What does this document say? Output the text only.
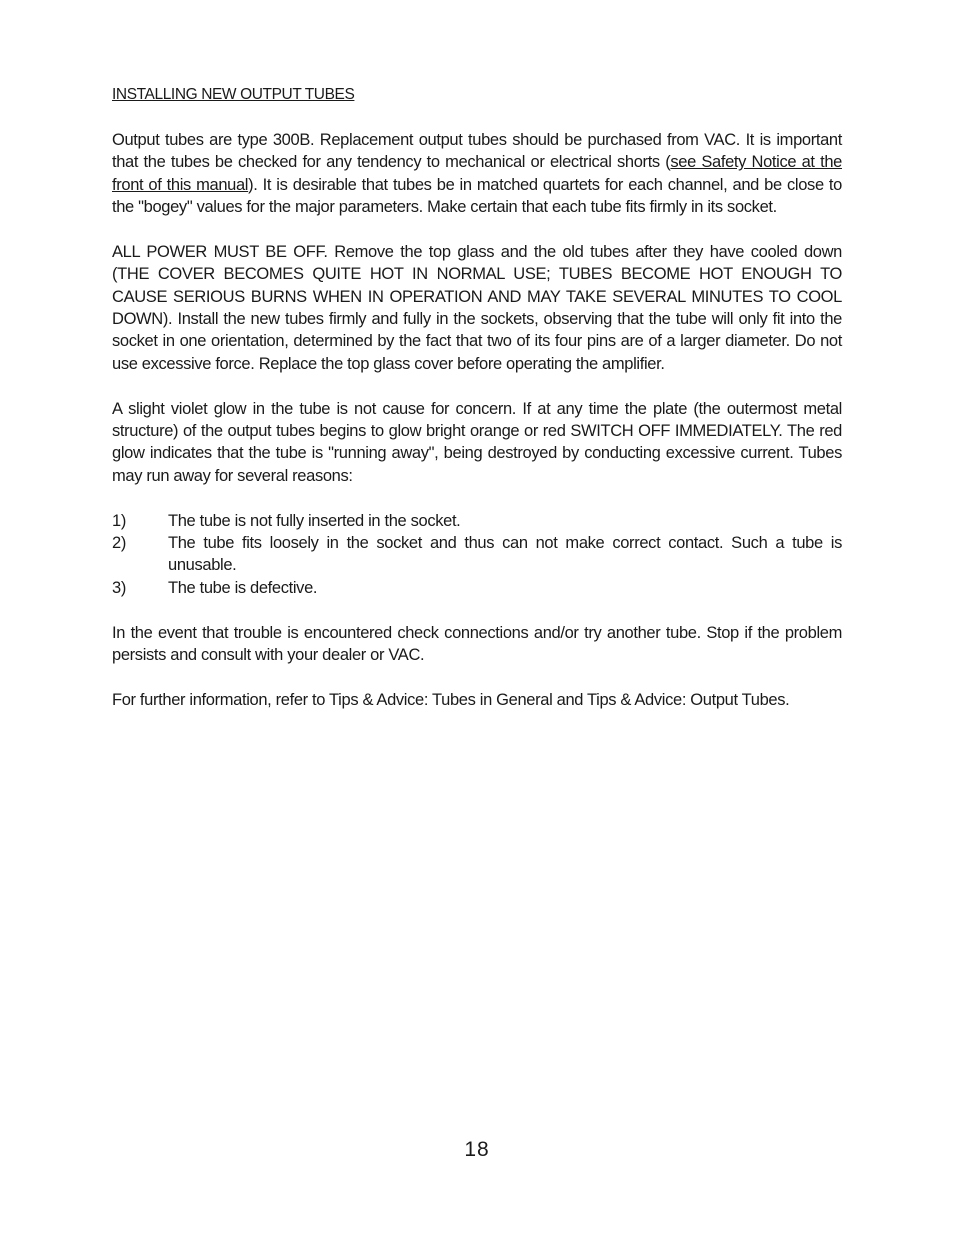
INSTALLING NEW OUTPUT TUBES

Output tubes are type 300B. Replacement output tubes should be purchased from VAC. It is important that the tubes be checked for any tendency to mechanical or electrical shorts (see Safety Notice at the front of this manual). It is desirable that tubes be in matched quartets for each channel, and be close to the "bogey" values for the major parameters. Make certain that each tube fits firmly in its socket.

ALL POWER MUST BE OFF. Remove the top glass and the old tubes after they have cooled down (THE COVER BECOMES QUITE HOT IN NORMAL USE; TUBES BECOME HOT ENOUGH TO CAUSE SERIOUS BURNS WHEN IN OPERATION AND MAY TAKE SEVERAL MINUTES TO COOL DOWN). Install the new tubes firmly and fully in the sockets, observing that the tube will only fit into the socket in one orientation, determined by the fact that two of its four pins are of a larger diameter. Do not use excessive force. Replace the top glass cover before operating the amplifier.

A slight violet glow in the tube is not cause for concern. If at any time the plate (the outermost metal structure) of the output tubes begins to glow bright orange or red SWITCH OFF IMMEDIATELY. The red glow indicates that the tube is "running away", being destroyed by conducting excessive current. Tubes may run away for several reasons:

1)	The tube is not fully inserted in the socket.
2)	The tube fits loosely in the socket and thus can not make correct contact. Such a tube is unusable.
3)	The tube is defective.

In the event that trouble is encountered check connections and/or try another tube. Stop if the problem persists and consult with your dealer or VAC.

For further information, refer to Tips & Advice: Tubes in General and Tips & Advice: Output Tubes.

18
